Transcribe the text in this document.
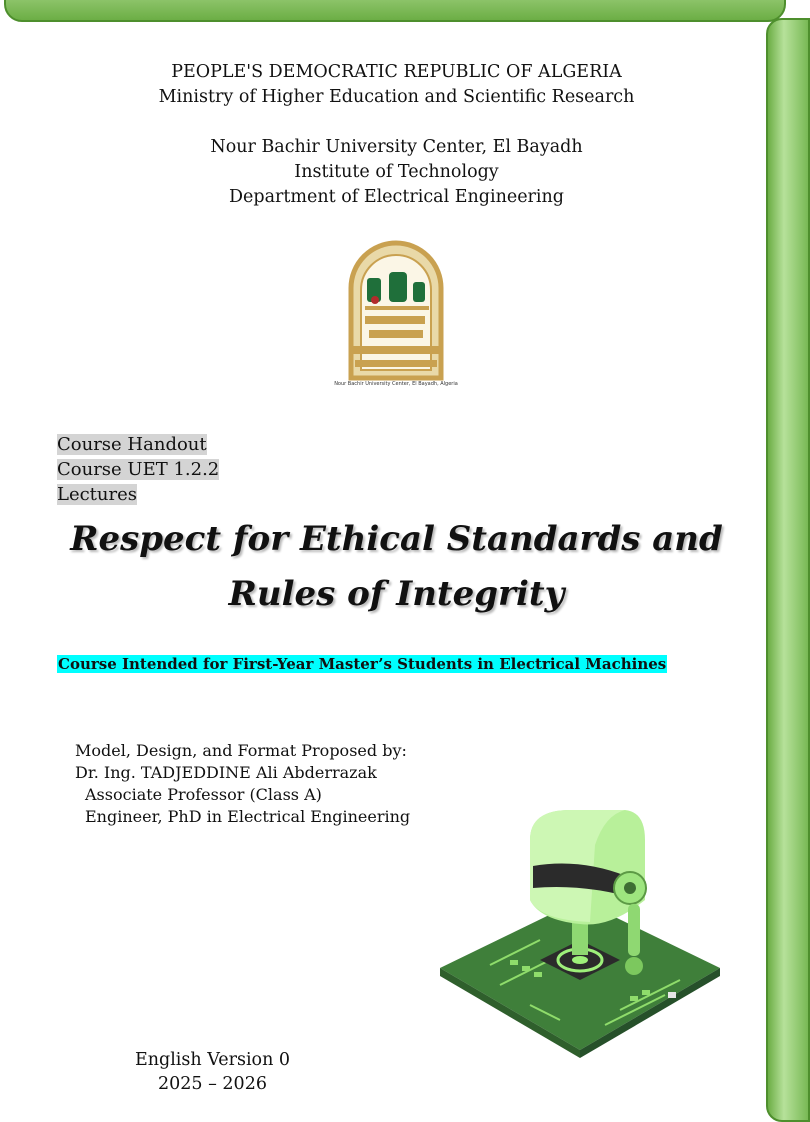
PEOPLE'S DEMOCRATIC REPUBLIC OF ALGERIA
Ministry of Higher Education and Scientific Research
Nour Bachir University Center, El Bayadh
Institute of Technology
Department of Electrical Engineering
Nour Bachir University Center, El Bayadh, Algeria
Course Handout
Course UET 1.2.2
Lectures
Respect for Ethical Standards and
Rules of Integrity
Course Intended for First-Year Master’s Students in Electrical Machines
Model, Design, and Format Proposed by:
Dr. Ing. TADJEDDINE Ali Abderrazak
Associate Professor (Class A)
Engineer, PhD in Electrical Engineering
English Version 0
2025 – 2026
